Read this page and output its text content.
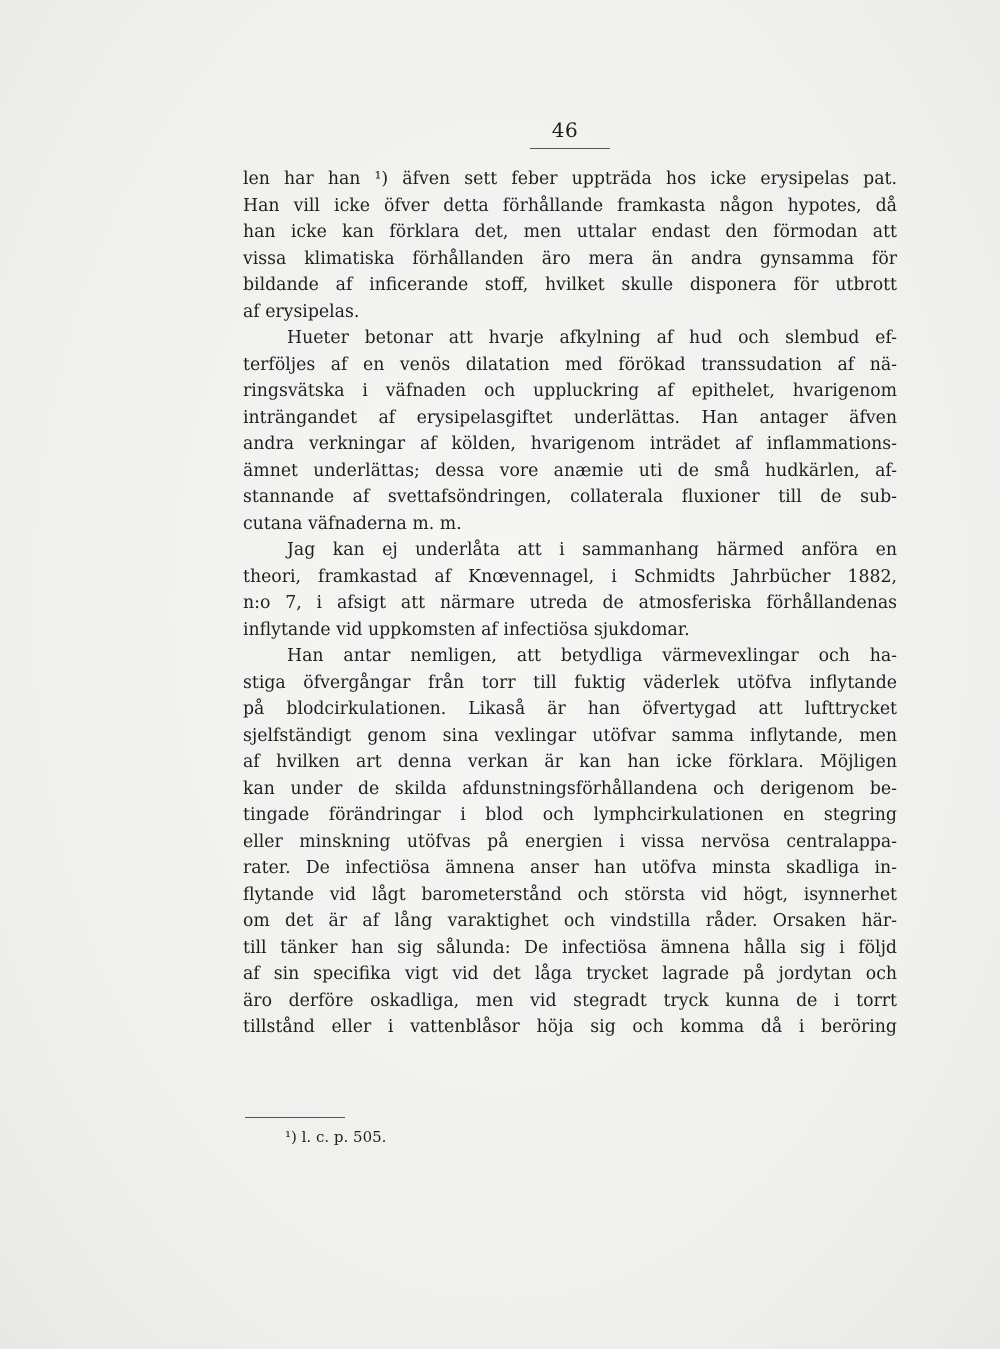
46

len har han ¹) äfven sett feber uppträda hos icke erysipelas pat.
Han vill icke öfver detta förhållande framkasta någon hypotes, då
han icke kan förklara det, men uttalar endast den förmodan att
vissa klimatiska förhållanden äro mera än andra gynsamma för
bildande af inficerande stoff, hvilket skulle disponera för utbrott
af erysipelas.

Hueter betonar att hvarje afkylning af hud och slembud ef-
terföljes af en venös dilatation med förökad transsudation af nä-
ringsvätska i väfnaden och uppluckring af epithelet, hvarigenom
inträngandet af erysipelasgiftet underlättas. Han antager äfven
andra verkningar af kölden, hvarigenom inträdet af inflammations-
ämnet underlättas; dessa vore anæmie uti de små hudkärlen, af-
stannande af svettafsöndringen, collaterala fluxioner till de sub-
cutana väfnaderna m. m.

Jag kan ej underlåta att i sammanhang härmed anföra en
theori, framkastad af Knœvennagel, i Schmidts Jahrbücher 1882,
n:o 7, i afsigt att närmare utreda de atmosferiska förhållandenas
inflytande vid uppkomsten af infectiösa sjukdomar.

Han antar nemligen, att betydliga värmevexlingar och ha-
stiga öfvergångar från torr till fuktig väderlek utöfva inflytande
på blodcirkulationen. Likaså är han öfvertygad att lufttrycket
sjelfständigt genom sina vexlingar utöfvar samma inflytande, men
af hvilken art denna verkan är kan han icke förklara. Möjligen
kan under de skilda afdunstningsförhållandena och derigenom be-
tingade förändringar i blod och lymphcirkulationen en stegring
eller minskning utöfvas på energien i vissa nervösa centralappa-
rater. De infectiösa ämnena anser han utöfva minsta skadliga in-
flytande vid lågt barometerstånd och största vid högt, isynnerhet
om det är af lång varaktighet och vindstilla råder. Orsaken här-
till tänker han sig sålunda: De infectiösa ämnena hålla sig i följd
af sin specifika vigt vid det låga trycket lagrade på jordytan och
äro derföre oskadliga, men vid stegradt tryck kunna de i torrt
tillstånd eller i vattenblåsor höja sig och komma då i beröring

¹) l. c. p. 505.
